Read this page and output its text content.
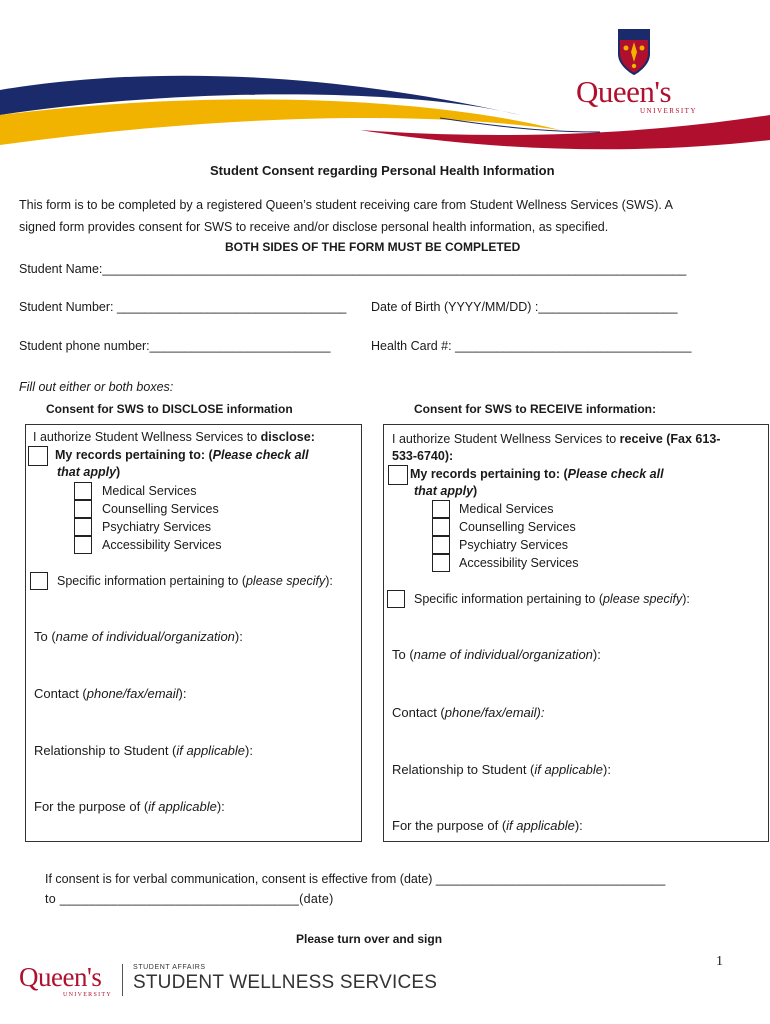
Queen's
UNIVERSITY
Student Consent regarding Personal Health Information
This form is to be completed by a registered Queen’s student receiving care from Student Wellness Services (SWS). A
signed form provides consent for SWS to receive and/or disclose personal health information, as specified.
BOTH SIDES OF THE FORM MUST BE COMPLETED
Student Name:____________________________________________________________________________________
Student Number: _________________________________ Date of Birth (YYYY/MM/DD) :____________________
Student phone number:__________________________	Health Card #: __________________________________
Fill out either or both boxes:
Consent for SWS to DISCLOSE information	Consent for SWS to RECEIVE information:
I authorize Student Wellness Services to disclose:
My records pertaining to: (Please check all
that apply)
Medical Services
Counselling Services
Psychiatry Services
Accessibility Services
Specific information pertaining to (please specify):
To (name of individual/organization):
Contact (phone/fax/email):
Relationship to Student (if applicable):
For the purpose of (if applicable):
I authorize Student Wellness Services to receive (Fax 613-
533-6740):
My records pertaining to: (Please check all
that apply)
Medical Services
Counselling Services
Psychiatry Services
Accessibility Services
Specific information pertaining to (please specify):
To (name of individual/organization):
Contact (phone/fax/email):
Relationship to Student (if applicable):
For the purpose of (if applicable):
If consent is for verbal communication, consent is effective from (date) _________________________________
to _________________________________(date)
Please turn over and sign
1
Queen's
UNIVERSITY
STUDENT AFFAIRS
STUDENT WELLNESS SERVICES
